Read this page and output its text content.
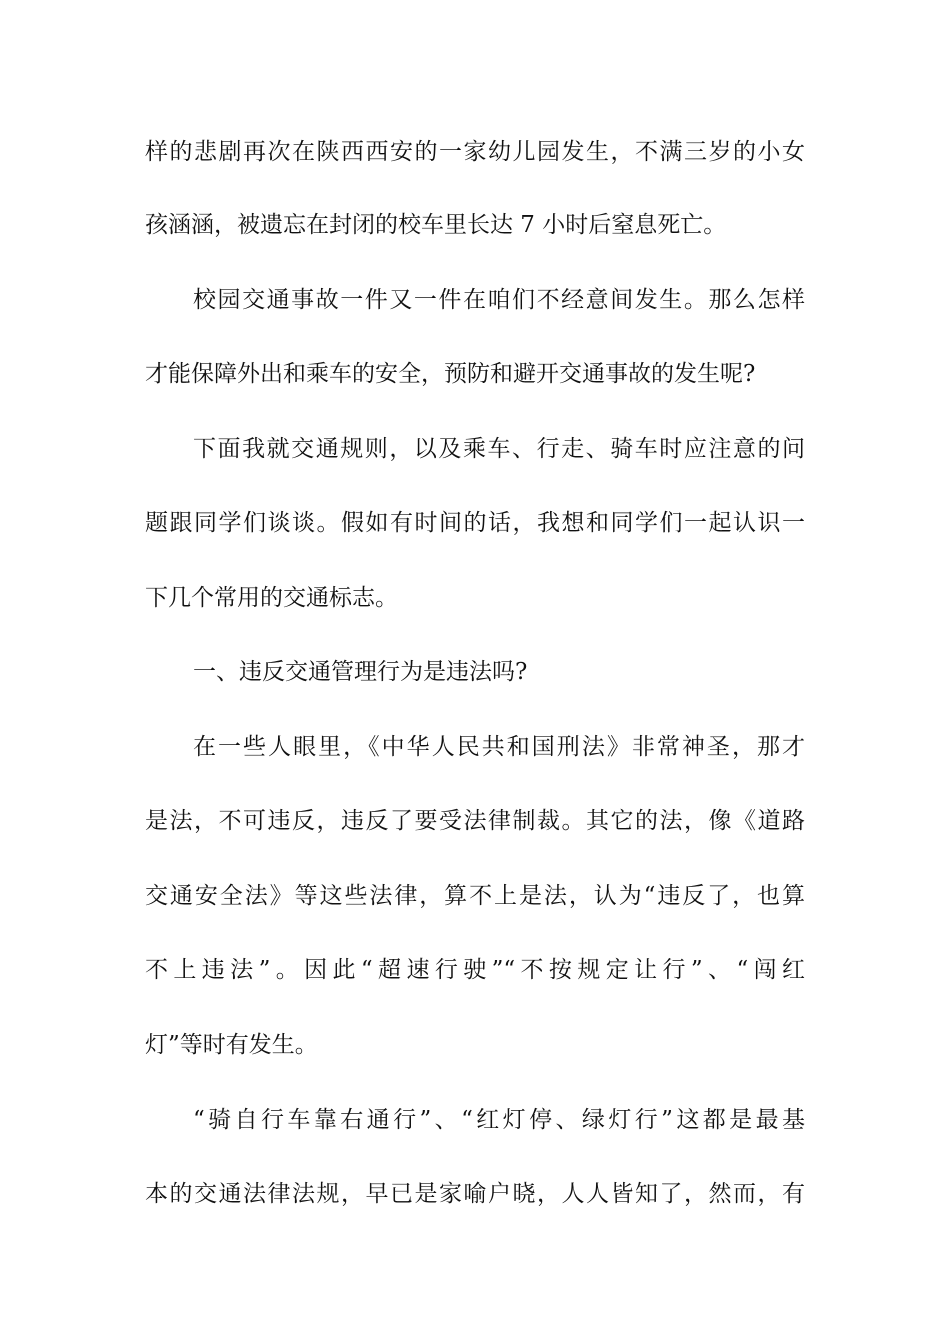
样的悲剧再次在陕西西安的一家幼儿园发生，不满三岁的小女
孩涵涵，被遗忘在封闭的校车里长达 7 小时后窒息死亡。
校园交通事故一件又一件在咱们不经意间发生。那么怎样
才能保障外出和乘车的安全，预防和避开交通事故的发生呢?
下面我就交通规则，以及乘车、行走、骑车时应注意的问
题跟同学们谈谈。假如有时间的话，我想和同学们一起认识一
下几个常用的交通标志。
一、违反交通管理行为是违法吗?
在一些人眼里，《中华人民共和国刑法》非常神圣，那才
是法，不可违反，违反了要受法律制裁。其它的法，像《道路
交通安全法》等这些法律，算不上是法，认为“违反了，也算
不上违法”。因此“超速行驶”“不按规定让行”、“闯红
灯”等时有发生。
“骑自行车靠右通行”、“红灯停、绿灯行”这都是最基
本的交通法律法规，早已是家喻户晓，人人皆知了，然而，有
